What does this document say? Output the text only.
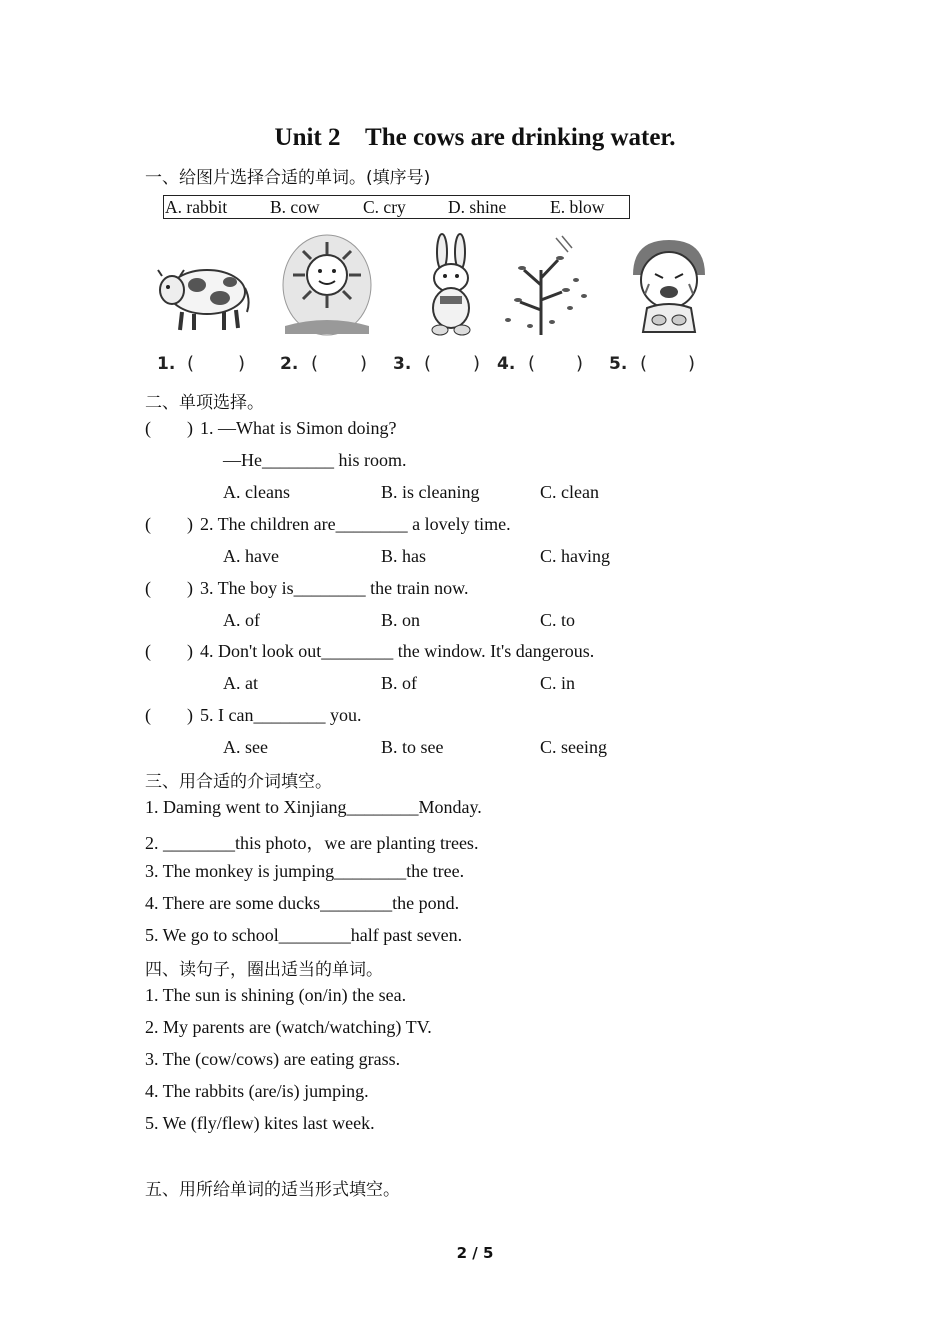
Unit 2    The cows are drinking water.
一、给图片选择合适的单词。(填序号)

A. rabbit

B. cow

C. cry

D. shine

E. blow

1. ( ) 2. ( ) 3. ( ) 4. ( ) 5. ( )
二、单项选择。
(        ) 1. —What is Simon doing?
—He________ his room.
A. cleans	B. is cleaning	C. clean
(        ) 2. The children are________ a lovely time.
A. have	B. has	C. having
(        ) 3. The boy is________ the train now.
A. of	B. on	C. to
(        ) 4. Don't look out________ the window. It's dangerous.
A. at	B. of	C. in
(        ) 5. I can________ you.
A. see	B. to see	C. seeing
三、用合适的介词填空。
1. Daming went to Xinjiang________Monday.
2. ________this photo，we are planting trees.
3. The monkey is jumping________the tree.
4. There are some ducks________the pond.
5. We go to school________half past seven.
四、读句子，圈出适当的单词。
1. The sun is shining (on/in) the sea.
2. My parents are (watch/watching) TV.
3. The (cow/cows) are eating grass.
4. The rabbits (are/is) jumping.
5. We (fly/flew) kites last week.
五、用所给单词的适当形式填空。
2 / 5
